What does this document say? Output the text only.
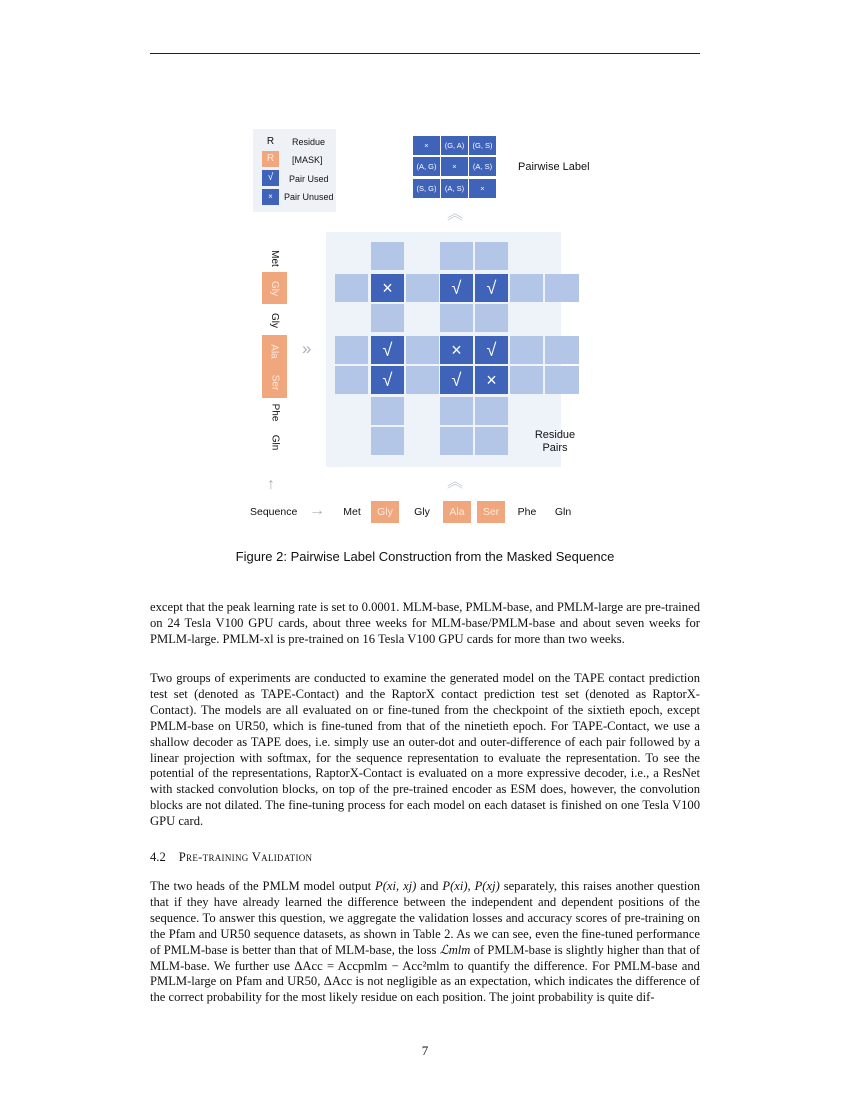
R	Residue
R	[MASK]
√	Pair Used
×	Pair Unused
×	(G, A)	(G, S)
(A, G)	×	(A, S)
(S, G)	(A, S)	×
Pairwise Label
︽
×	√	√
√	×	√
√	√	×
Residue
Pairs
Met
Gly
Gly
Ala
Ser
Phe
Gln
»
↑	︽
Sequence →	Met	Gly	Gly	Ala	Ser	Phe	Gln
Figure 2: Pairwise Label Construction from the Masked Sequence
except that the peak learning rate is set to 0.0001. MLM-base, PMLM-base, and PMLM-large are pre-trained on 24 Tesla V100 GPU cards, about three weeks for MLM-base/PMLM-base and about seven weeks for PMLM-large. PMLM-xl is pre-trained on 16 Tesla V100 GPU cards for more than two weeks.
Two groups of experiments are conducted to examine the generated model on the TAPE contact prediction test set (denoted as TAPE-Contact) and the RaptorX contact prediction test set (denoted as RaptorX-Contact). The models are all evaluated on or fine-tuned from the checkpoint of the sixtieth epoch, except PMLM-base on UR50, which is fine-tuned from that of the ninetieth epoch. For TAPE-Contact, we use a shallow decoder as TAPE does, i.e. simply use an outer-dot and outer-difference of each pair followed by a linear projection with softmax, for the sequence representation to evaluate the representation. To see the potential of the representations, RaptorX-Contact is evaluated on a more expressive decoder, i.e., a ResNet with stacked convolution blocks, on top of the pre-trained encoder as ESM does, however, the convolution blocks are not dilated. The fine-tuning process for each model on each dataset is finished on one Tesla V100 GPU card.
4.2 Pre-training Validation
The two heads of the PMLM model output P(xi, xj) and P(xi), P(xj) separately, this raises another question that if they have already learned the difference between the independent and dependent positions of the sequence. To answer this question, we aggregate the validation losses and accuracy scores of pre-training on the Pfam and UR50 sequence datasets, as shown in Table 2. As we can see, even the fine-tuned performance of PMLM-base is better than that of MLM-base, the loss ℒmlm of PMLM-base is slightly higher than that of MLM-base. We further use ΔAcc = Accpmlm − Acc²mlm to quantify the difference. For PMLM-base and PMLM-large on Pfam and UR50, ΔAcc is not negligible as an expectation, which indicates the difference of the correct probability for the most likely residue on each position. The joint probability is quite dif-
7
